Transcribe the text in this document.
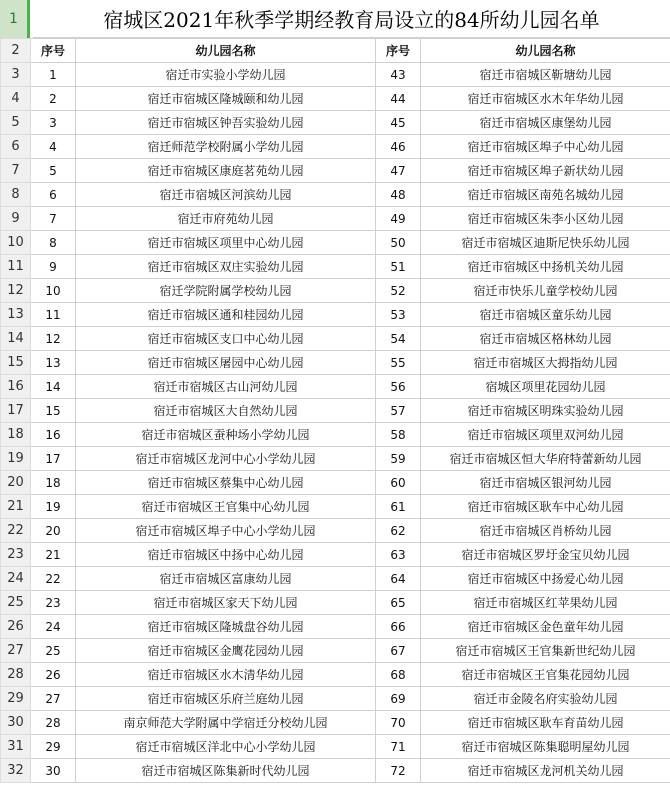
1	宿城区2021年秋季学期经教育局设立的84所幼儿园名单
2	序号	幼儿园名称	序号	幼儿园名称
3	1	宿迁市实验小学幼儿园	43	宿迁市宿城区靳塘幼儿园
4	2	宿迁市宿城区隆城颐和幼儿园	44	宿迁市宿城区水木年华幼儿园
5	3	宿迁市宿城区钟吾实验幼儿园	45	宿迁市宿城区康堡幼儿园
6	4	宿迁师范学校附属小学幼儿园	46	宿迁市宿城区埠子中心幼儿园
7	5	宿迁市宿城区康庭茗苑幼儿园	47	宿迁市宿城区埠子新状幼儿园
8	6	宿迁市宿城区河滨幼儿园	48	宿迁市宿城区南苑名城幼儿园
9	7	宿迁市府苑幼儿园	49	宿迁市宿城区朱李小区幼儿园
10	8	宿迁市宿城区项里中心幼儿园	50	宿迁市宿城区迪斯尼快乐幼儿园
11	9	宿迁市宿城区双庄实验幼儿园	51	宿迁市宿城区中扬机关幼儿园
12	10	宿迁学院附属学校幼儿园	52	宿迁市快乐儿童学校幼儿园
13	11	宿迁市宿城区通和桂园幼儿园	53	宿迁市宿城区童乐幼儿园
14	12	宿迁市宿城区支口中心幼儿园	54	宿迁市宿城区格林幼儿园
15	13	宿迁市宿城区屠园中心幼儿园	55	宿迁市宿城区大拇指幼儿园
16	14	宿迁市宿城区古山河幼儿园	56	宿城区项里花园幼儿园
17	15	宿迁市宿城区大自然幼儿园	57	宿迁市宿城区明珠实验幼儿园
18	16	宿迁市宿城区蚕种场小学幼儿园	58	宿迁市宿城区项里双河幼儿园
19	17	宿迁市宿城区龙河中心小学幼儿园	59	宿迁市宿城区恒大华府特蕾新幼儿园
20	18	宿迁市宿城区蔡集中心幼儿园	60	宿迁市宿城区银河幼儿园
21	19	宿迁市宿城区王官集中心幼儿园	61	宿迁市宿城区耿车中心幼儿园
22	20	宿迁市宿城区埠子中心小学幼儿园	62	宿迁市宿城区肖桥幼儿园
23	21	宿迁市宿城区中扬中心幼儿园	63	宿迁市宿城区罗圩金宝贝幼儿园
24	22	宿迁市宿城区富康幼儿园	64	宿迁市宿城区中扬爱心幼儿园
25	23	宿迁市宿城区家天下幼儿园	65	宿迁市宿城区红苹果幼儿园
26	24	宿迁市宿城区隆城盘谷幼儿园	66	宿迁市宿城区金色童年幼儿园
27	25	宿迁市宿城区金鹰花园幼儿园	67	宿迁市宿城区王官集新世纪幼儿园
28	26	宿迁市宿城区水木清华幼儿园	68	宿迁市宿城区王官集花园幼儿园
29	27	宿迁市宿城区乐府兰庭幼儿园	69	宿迁市金陵名府实验幼儿园
30	28	南京师范大学附属中学宿迁分校幼儿园	70	宿迁市宿城区耿车育苗幼儿园
31	29	宿迁市宿城区洋北中心小学幼儿园	71	宿迁市宿城区陈集聪明屋幼儿园
32	30	宿迁市宿城区陈集新时代幼儿园	72	宿迁市宿城区龙河机关幼儿园
